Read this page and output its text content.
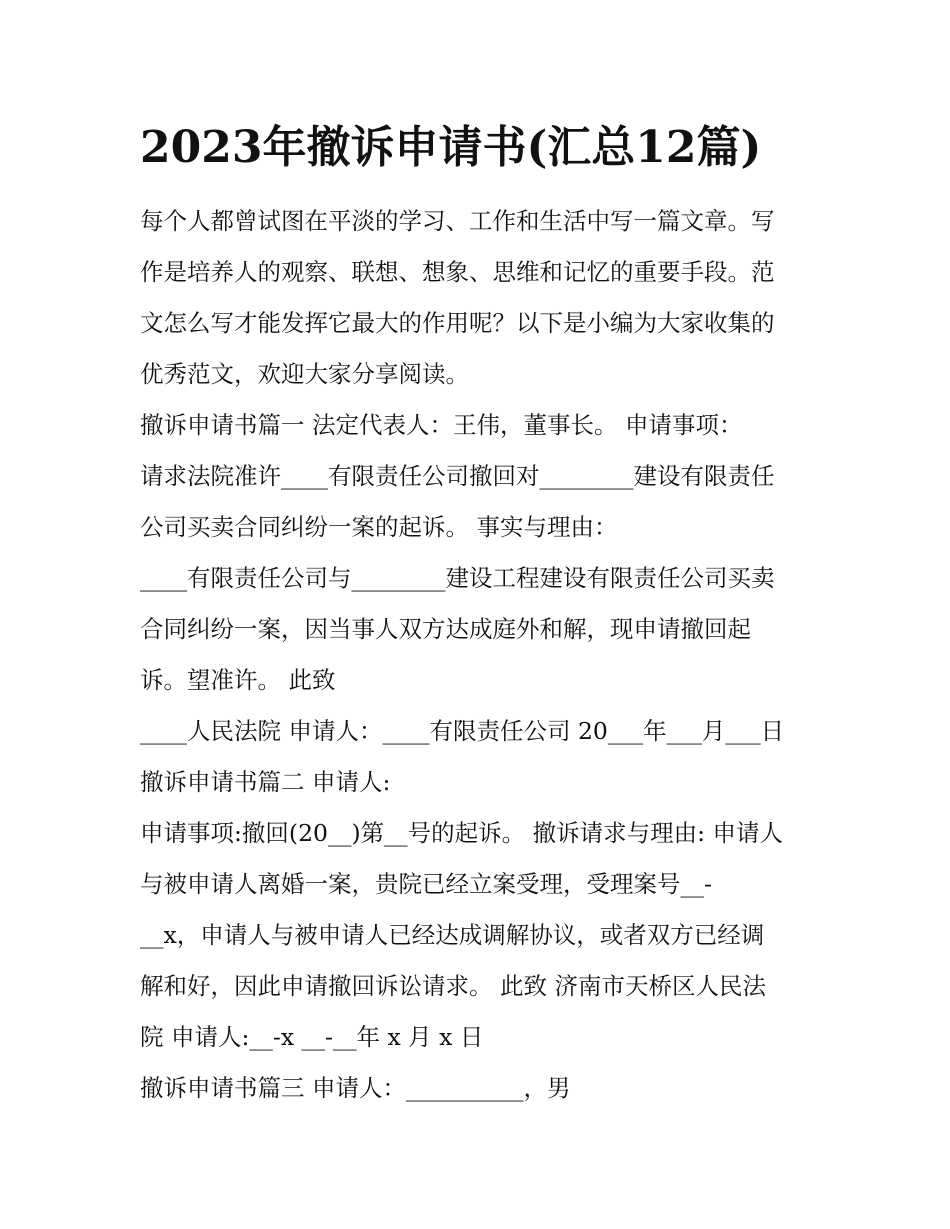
2023年撤诉申请书(汇总12篇)

每个人都曾试图在平淡的学习、工作和生活中写一篇文章。写

作是培养人的观察、联想、想象、思维和记忆的重要手段。范

文怎么写才能发挥它最大的作用呢？以下是小编为大家收集的

优秀范文，欢迎大家分享阅读。

撤诉申请书篇一 法定代表人：王伟，董事长。 申请事项：

请求法院准许____有限责任公司撤回对________建设有限责任

公司买卖合同纠纷一案的起诉。 事实与理由：

____有限责任公司与________建设工程建设有限责任公司买卖

合同纠纷一案，因当事人双方达成庭外和解，现申请撤回起

诉。望准许。 此致

____人民法院 申请人：____有限责任公司 20___年___月___日

撤诉申请书篇二 申请人:

申请事项:撤回(20__)第__号的起诉。 撤诉请求与理由: 申请人

与被申请人离婚一案，贵院已经立案受理，受理案号__-

__x，申请人与被申请人已经达成调解协议，或者双方已经调

解和好，因此申请撤回诉讼请求。 此致 济南市天桥区人民法

院 申请人:__-x __-__年 x 月 x 日

撤诉申请书篇三 申请人：__________，男
